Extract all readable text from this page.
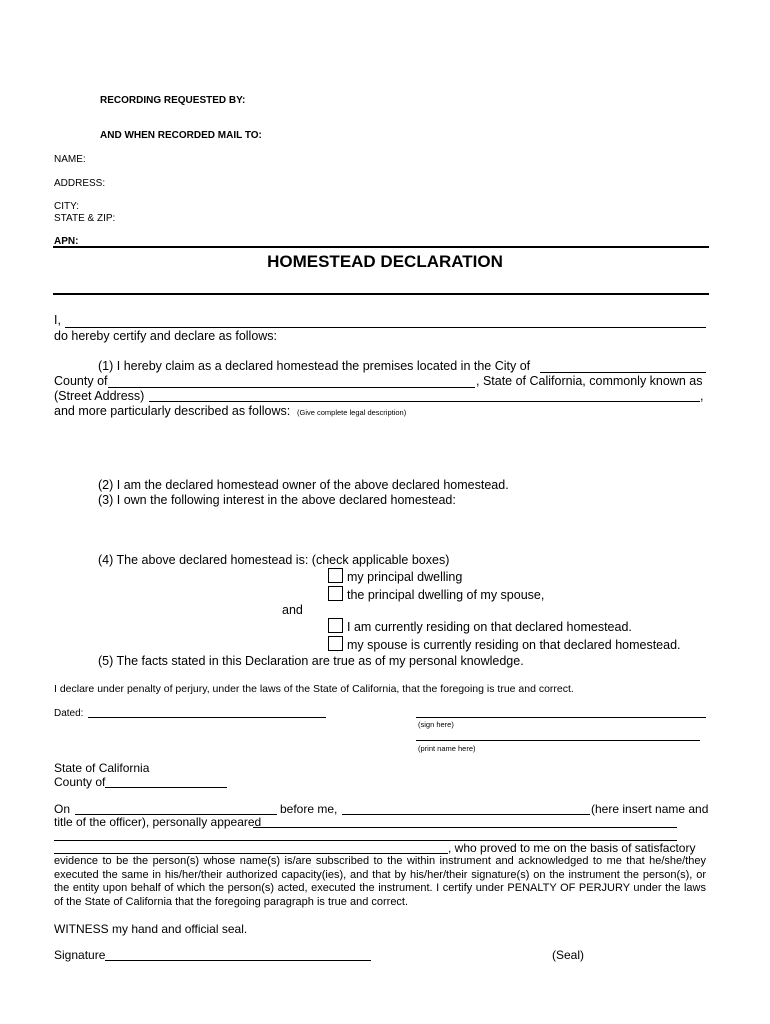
RECORDING REQUESTED BY:
AND WHEN RECORDED MAIL TO:
NAME:
ADDRESS:
CITY:
STATE & ZIP:
APN:
HOMESTEAD DECLARATION
I,
do hereby certify and declare as follows:
(1) I hereby claim as a declared homestead the premises located in the City of
County of	, State of California, commonly known as
(Street Address)	,
and more particularly described as follows: (Give complete legal description)
(2) I am the declared homestead owner of the above declared homestead.
(3) I own the following interest in the above declared homestead:
(4) The above declared homestead is: (check applicable boxes)
my principal dwelling
the principal dwelling of my spouse,
and
I am currently residing on that declared homestead.
my spouse is currently residing on that declared homestead.
(5) The facts stated in this Declaration are true as of my personal knowledge.
I declare under penalty of perjury, under the laws of the State of California, that the foregoing is true and correct.
Dated:
(sign here)
(print name here)
State of California
County of
On	before me,	(here insert name and
title of the officer), personally appeared
, who proved to me on the basis of satisfactory
evidence to be the person(s) whose name(s) is/are subscribed to the within instrument and acknowledged to me that he/she/they executed the same in his/her/their authorized capacity(ies), and that by his/her/their signature(s) on the instrument the person(s), or the entity upon behalf of which the person(s) acted, executed the instrument. I certify under PENALTY OF PERJURY under the laws of the State of California that the foregoing paragraph is true and correct.
WITNESS my hand and official seal.
Signature	(Seal)
